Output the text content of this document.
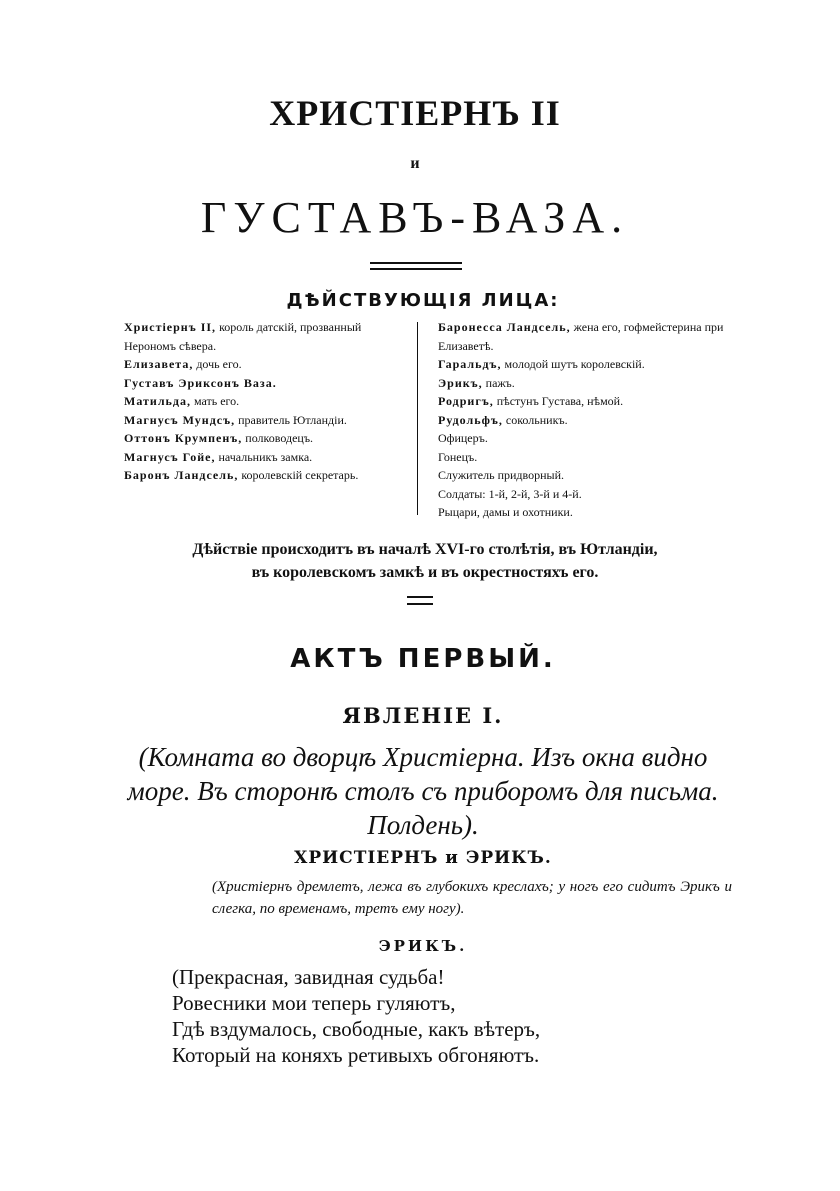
ХРИСТІЕРНЪ II
и
ГУСТАВЪ-ВАЗА.
ДѢЙСТВУЮЩІЯ ЛИЦА:

Христіернъ II, король датскій, прозванный Нерономъ сѣвера.

Елизавета, дочь его.

Густавъ Эриксонъ Ваза.

Матильда, мать его.

Магнусъ Мундсъ, правитель Ютландіи.

Оттонъ Крумпенъ, полководецъ.

Магнусъ Гойе, начальникъ замка.

Баронъ Ландсель, королевскій секретарь.

Баронесса Ландсель, жена его, гофмейстерина при Елизаветѣ.

Гаральдъ, молодой шутъ королевскій.

Эрикъ, пажъ.

Родригъ, пѣстунъ Густава, нѣмой.

Рудольфъ, сокольникъ.

Офицеръ.

Гонецъ.

Служитель придворный.

Солдаты: 1-й, 2-й, 3-й и 4-й.

Рыцари, дамы и охотники.

Дѣйствіе происходитъ въ началѣ XVI-го столѣтія, въ Ютландіи,
въ королевскомъ замкѣ и въ окрестностяхъ его.
АКТЪ ПЕРВЫЙ.
ЯВЛЕНІЕ I.
(Комната во дворцѣ Христіерна. Изъ окна видно море. Въ сторонѣ столъ съ приборомъ для письма. Полдень).
ХРИСТІЕРНЪ и ЭРИКЪ.
(Христіернъ дремлетъ, лежа въ глубокихъ креслахъ; у ногъ его сидитъ Эрикъ и слегка, по временамъ, третъ ему ногу).
ЭРИКЪ.

(Прекрасная, завидная судьба!

Ровесники мои теперь гуляютъ,

Гдѣ вздумалось, свободные, какъ вѣтеръ,

Который на коняхъ ретивыхъ обгоняютъ.
